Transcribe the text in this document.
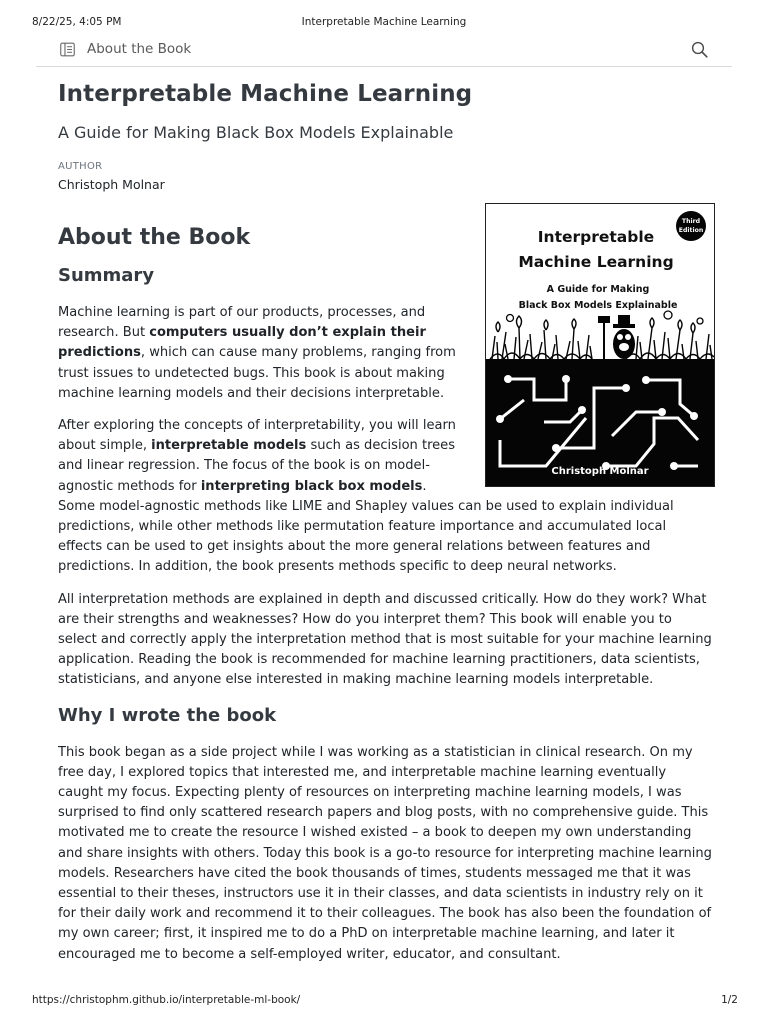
8/22/25, 4:05 PM	Interpretable Machine Learning
About the Book
Interpretable Machine Learning
A Guide for Making Black Box Models Explainable
AUTHOR
Christoph Molnar
Interpretable
Machine Learning
A Guide for Making
Black Box Models Explainable
Third
Edition
Christoph Molnar
About the Book
Summary

Machine learning is part of our products, processes, and research. But computers usually don’t explain their predictions, which can cause many problems, ranging from trust issues to undetected bugs. This book is about making machine learning models and their decisions interpretable.

After exploring the concepts of interpretability, you will learn about simple, interpretable models such as decision trees and linear regression. The focus of the book is on model-agnostic methods for interpreting black box models. Some model-agnostic methods like LIME and Shapley values can be used to explain individual predictions, while other methods like permutation feature importance and accumulated local effects can be used to get insights about the more general relations between features and predictions. In addition, the book presents methods specific to deep neural networks.

All interpretation methods are explained in depth and discussed critically. How do they work? What are their strengths and weaknesses? How do you interpret them? This book will enable you to select and correctly apply the interpretation method that is most suitable for your machine learning application. Reading the book is recommended for machine learning practitioners, data scientists, statisticians, and anyone else interested in making machine learning models interpretable.

Why I wrote the book

This book began as a side project while I was working as a statistician in clinical research. On my free day, I explored topics that interested me, and interpretable machine learning eventually caught my focus. Expecting plenty of resources on interpreting machine learning models, I was surprised to find only scattered research papers and blog posts, with no comprehensive guide. This motivated me to create the resource I wished existed – a book to deepen my own understanding and share insights with others. Today this book is a go-to resource for interpreting machine learning models. Researchers have cited the book thousands of times, students messaged me that it was essential to their theses, instructors use it in their classes, and data scientists in industry rely on it for their daily work and recommend it to their colleagues. The book has also been the foundation of my own career; first, it inspired me to do a PhD on interpretable machine learning, and later it encouraged me to become a self-employed writer, educator, and consultant.

https://christophm.github.io/interpretable-ml-book/	1/2
